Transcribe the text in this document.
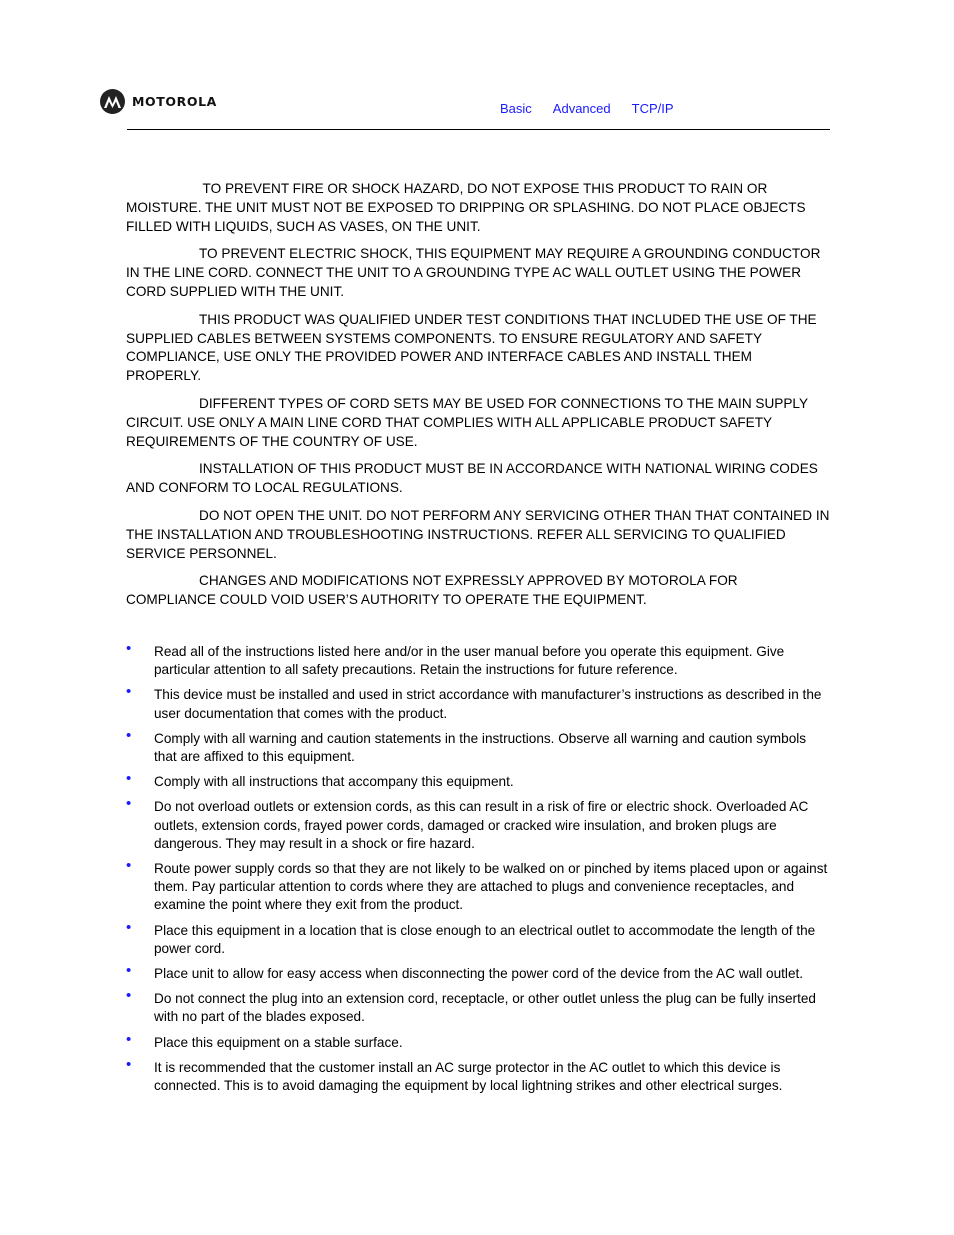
MOTOROLA	Basic Advanced TCP/IP

TO PREVENT FIRE OR SHOCK HAZARD, DO NOT EXPOSE THIS PRODUCT TO RAIN OR MOISTURE. THE UNIT MUST NOT BE EXPOSED TO DRIPPING OR SPLASHING. DO NOT PLACE OBJECTS FILLED WITH LIQUIDS, SUCH AS VASES, ON THE UNIT.

TO PREVENT ELECTRIC SHOCK, THIS EQUIPMENT MAY REQUIRE A GROUNDING CONDUCTOR IN THE LINE CORD. CONNECT THE UNIT TO A GROUNDING TYPE AC WALL OUTLET USING THE POWER CORD SUPPLIED WITH THE UNIT.

THIS PRODUCT WAS QUALIFIED UNDER TEST CONDITIONS THAT INCLUDED THE USE OF THE SUPPLIED CABLES BETWEEN SYSTEMS COMPONENTS. TO ENSURE REGULATORY AND SAFETY COMPLIANCE, USE ONLY THE PROVIDED POWER AND INTERFACE CABLES AND INSTALL THEM PROPERLY.

DIFFERENT TYPES OF CORD SETS MAY BE USED FOR CONNECTIONS TO THE MAIN SUPPLY CIRCUIT. USE ONLY A MAIN LINE CORD THAT COMPLIES WITH ALL APPLICABLE PRODUCT SAFETY REQUIREMENTS OF THE COUNTRY OF USE.

INSTALLATION OF THIS PRODUCT MUST BE IN ACCORDANCE WITH NATIONAL WIRING CODES AND CONFORM TO LOCAL REGULATIONS.

DO NOT OPEN THE UNIT. DO NOT PERFORM ANY SERVICING OTHER THAN THAT CONTAINED IN THE INSTALLATION AND TROUBLESHOOTING INSTRUCTIONS. REFER ALL SERVICING TO QUALIFIED SERVICE PERSONNEL.

CHANGES AND MODIFICATIONS NOT EXPRESSLY APPROVED BY MOTOROLA FOR COMPLIANCE COULD VOID USER’S AUTHORITY TO OPERATE THE EQUIPMENT.

• Read all of the instructions listed here and/or in the user manual before you operate this equipment. Give particular attention to all safety precautions. Retain the instructions for future reference.
• This device must be installed and used in strict accordance with manufacturer’s instructions as described in the user documentation that comes with the product.
• Comply with all warning and caution statements in the instructions. Observe all warning and caution symbols that are affixed to this equipment.
• Comply with all instructions that accompany this equipment.
• Do not overload outlets or extension cords, as this can result in a risk of fire or electric shock. Overloaded AC outlets, extension cords, frayed power cords, damaged or cracked wire insulation, and broken plugs are dangerous. They may result in a shock or fire hazard.
• Route power supply cords so that they are not likely to be walked on or pinched by items placed upon or against them. Pay particular attention to cords where they are attached to plugs and convenience receptacles, and examine the point where they exit from the product.
• Place this equipment in a location that is close enough to an electrical outlet to accommodate the length of the power cord.
• Place unit to allow for easy access when disconnecting the power cord of the device from the AC wall outlet.
• Do not connect the plug into an extension cord, receptacle, or other outlet unless the plug can be fully inserted with no part of the blades exposed.
• Place this equipment on a stable surface.
• It is recommended that the customer install an AC surge protector in the AC outlet to which this device is connected. This is to avoid damaging the equipment by local lightning strikes and other electrical surges.
